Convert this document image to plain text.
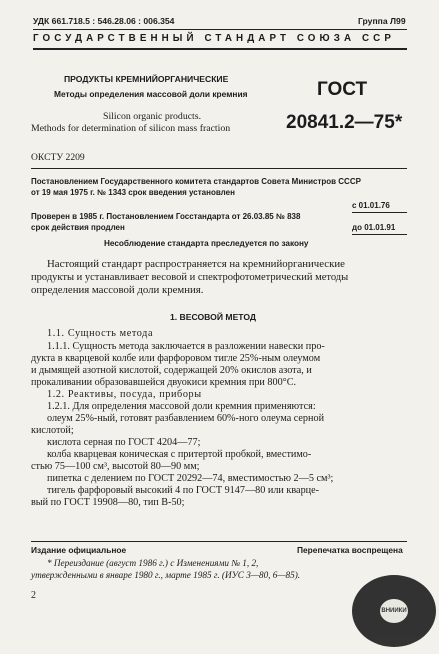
УДК 661.718.5 : 546.28.06 : 006.354	Группа Л99
ГОСУДАРСТВЕННЫЙ СТАНДАРТ СОЮЗА ССР
ПРОДУКТЫ КРЕМНИЙОРГАНИЧЕСКИЕ
Методы определения массовой доли кремния
Silicon organic products.
Methods for determination of silicon mass fraction
ГОСТ
20841.2—75*
ОКСТУ 2209
Постановлением Государственного комитета стандартов Совета Министров СССР
от 19 мая 1975 г. № 1343 срок введения установлен
с 01.01.76
Проверен в 1985 г. Постановлением Госстандарта от 26.03.85 № 838
срок действия продлен	до 01.01.91
Несоблюдение стандарта преследуется по закону
Настоящий стандарт распространяется на кремнийорганические
продукты и устанавливает весовой и спектрофотометрический методы
определения массовой доли кремния.
1. ВЕСОВОЙ МЕТОД
1.1. Сущность метода
1.1.1. Сущность метода заключается в разложении навески про-
дукта в кварцевой колбе или фарфоровом тигле 25%-ным олеумом
и дымящей азотной кислотой, содержащей 20% окислов азота, и
прокаливании образовавшейся двуокиси кремния при 800°С.
1.2. Реактивы, посуда, приборы
1.2.1. Для определения массовой доли кремния применяются:
олеум 25%-ный, готовят разбавлением 60%-ного олеума серной
кислотой;
кислота серная по ГОСТ 4204—77;
колба кварцевая коническая с притертой пробкой, вместимо-
стью 75—100 см³, высотой 80—90 мм;
пипетка с делением по ГОСТ 20292—74, вместимостью 2—5 см³;
тигель фарфоровый высокий 4 по ГОСТ 9147—80 или кварце-
вый по ГОСТ 19908—80, тип В-50;
Издание официальное	Перепечатка воспрещена
* Переиздание (август 1986 г.) с Изменениями № 1, 2,
утвержденными в январе 1980 г., марте 1985 г. (ИУС 3—80, 6—85).
2
ВНИИКИ
